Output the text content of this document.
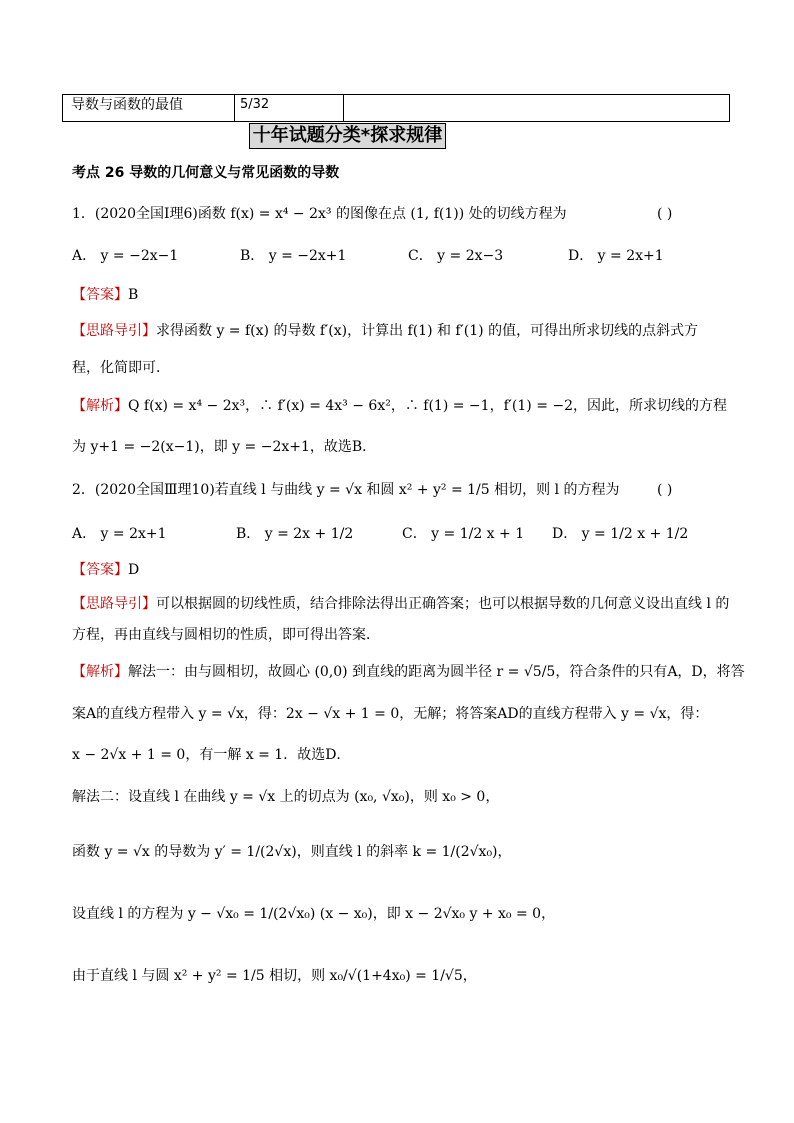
导数与函数的最值	5/32
十年试题分类*探求规律
考点 26 导数的几何意义与常见函数的导数
1．(2020全国Ⅰ理6)函数 f(x) = x⁴ − 2x³ 的图像在点 (1, f(1)) 处的切线方程为	( )
A． y = −2x−1	B． y = −2x+1	C． y = 2x−3	D． y = 2x+1
【答案】B
【思路导引】求得函数 y = f(x) 的导数 f′(x)，计算出 f(1) 和 f′(1) 的值，可得出所求切线的点斜式方
程，化简即可．
【解析】Q f(x) = x⁴ − 2x³，∴ f′(x) = 4x³ − 6x²，∴ f(1) = −1，f′(1) = −2，因此，所求切线的方程
为 y+1 = −2(x−1)，即 y = −2x+1，故选B．
2．(2020全国Ⅲ理10)若直线 l 与曲线 y = √x 和圆 x² + y² = 1/5 相切，则 l 的方程为	( )
A． y = 2x+1	B． y = 2x + 1/2	C． y = 1/2 x + 1 D． y = 1/2 x + 1/2
【答案】D
【思路导引】可以根据圆的切线性质，结合排除法得出正确答案；也可以根据导数的几何意义设出直线 l 的
方程，再由直线与圆相切的性质，即可得出答案．
【解析】解法一：由与圆相切，故圆心 (0,0) 到直线的距离为圆半径 r = √5/5，符合条件的只有A，D，将答
案A的直线方程带入 y = √x，得：2x − √x + 1 = 0，无解；将答案AD的直线方程带入 y = √x，得：
x − 2√x + 1 = 0，有一解 x = 1．故选D．
解法二：设直线 l 在曲线 y = √x 上的切点为 (x₀, √x₀)，则 x₀ > 0，
函数 y = √x 的导数为 y′ = 1/(2√x)，则直线 l 的斜率 k = 1/(2√x₀)，
设直线 l 的方程为 y − √x₀ = 1/(2√x₀) (x − x₀)，即 x − 2√x₀ y + x₀ = 0，
由于直线 l 与圆 x² + y² = 1/5 相切，则 x₀/√(1+4x₀) = 1/√5，
